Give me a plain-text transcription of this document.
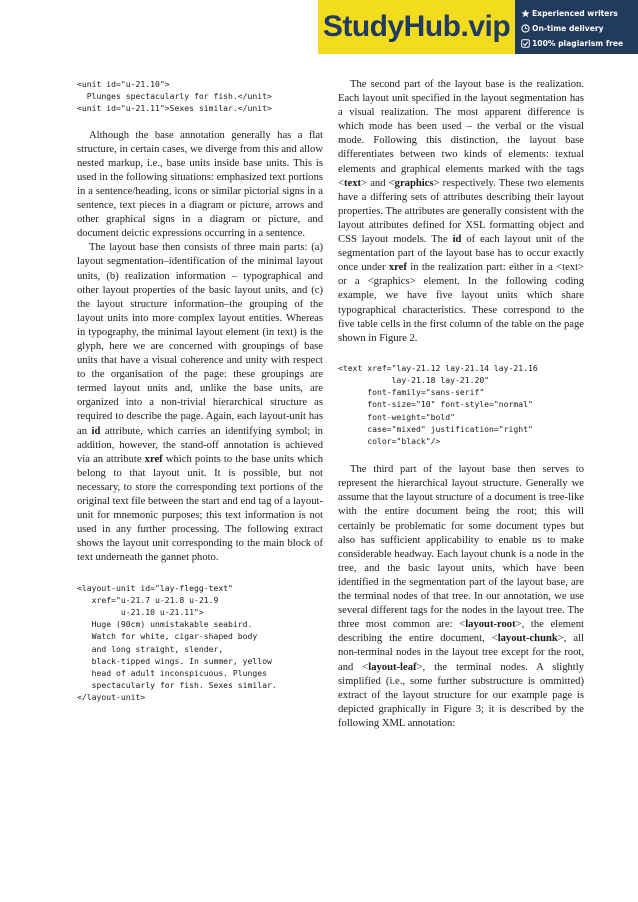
StudyHub.vip	Experienced writers
On-time delivery
100% plagiarism free
<unit id="u-21.10">
Plunges spectacularly for fish.</unit>
<unit id="u-21.11">Sexes similar.</unit>

Although the base annotation generally has a flat structure, in certain cases, we diverge from this and allow nested markup, i.e., base units inside base units. This is used in the following situations: emphasized text portions in a sentence/heading, icons or similar pictorial signs in a sentence, text pieces in a diagram or picture, arrows and other graphical signs in a diagram or picture, and document deictic expressions occurring in a sentence.

The layout base then consists of three main parts: (a) layout segmentation–identification of the minimal layout units, (b) realization information – typographical and other layout properties of the basic layout units, and (c) the layout structure information–the grouping of the layout units into more complex layout entities. Whereas in typography, the minimal layout element (in text) is the glyph, here we are concerned with groupings of base units that have a visual coherence and unity with respect to the organisation of the page: these groupings are termed layout units and, unlike the base units, are organized into a non-trivial hierarchical structure as required to describe the page. Again, each layout-unit has an id attribute, which carries an identifying symbol; in addition, however, the stand-off annotation is achieved via an attribute xref which points to the base units which belong to that layout unit. It is possible, but not necessary, to store the corresponding text portions of the original text file between the start and end tag of a layout-unit for mnemonic purposes; this text information is not used in any further processing. The following extract shows the layout unit corresponding to the main block of text underneath the gannet photo.

<layout-unit id="lay-flegg-text"
xref="u-21.7 u-21.8 u-21.9
u-21.10 u-21.11">
Huge (90cm) unmistakable seabird.
Watch for white, cigar-shaped body
and long straight, slender,
black-tipped wings. In summer, yellow
head of adult inconspicuous. Plunges
spectacularly for fish. Sexes similar.
</layout-unit>

The second part of the layout base is the realization. Each layout unit specified in the layout segmentation has a visual realization. The most apparent difference is which mode has been used – the verbal or the visual mode. Following this distinction, the layout base differentiates between two kinds of elements: textual elements and graphical elements marked with the tags <text> and <graphics> respectively. These two elements have a differing sets of attributes describing their layout properties. The attributes are generally consistent with the layout attributes defined for XSL formatting object and CSS layout models. The id of each layout unit of the segmentation part of the layout base has to occur exactly once under xref in the realization part: either in a <text> or a <graphics> element. In the following coding example, we have five layout units which share typographical characteristics. These correspond to the five table cells in the first column of the table on the page shown in Figure 2.

<text xref="lay-21.12 lay-21.14 lay-21.16
lay-21.18 lay-21.20"
font-family="sans-serif"
font-size="10" font-style="normal"
font-weight="bold"
case="mixed" justification="right"
color="black"/>

The third part of the layout base then serves to represent the hierarchical layout structure. Generally we assume that the layout structure of a document is tree-like with the entire document being the root; this will certainly be problematic for some document types but also has sufficient applicability to enable us to make considerable headway. Each layout chunk is a node in the tree, and the basic layout units, which have been identified in the segmentation part of the layout base, are the terminal nodes of that tree. In our annotation, we use several different tags for the nodes in the layout tree. The three most common are: <layout-root>, the element describing the entire document, <layout-chunk>, all non-terminal nodes in the layout tree except for the root, and <layout-leaf>, the terminal nodes. A slightly simplified (i.e., some further substructure is ommitted) extract of the layout structure for our example page is depicted graphically in Figure 3; it is described by the following XML annotation:
